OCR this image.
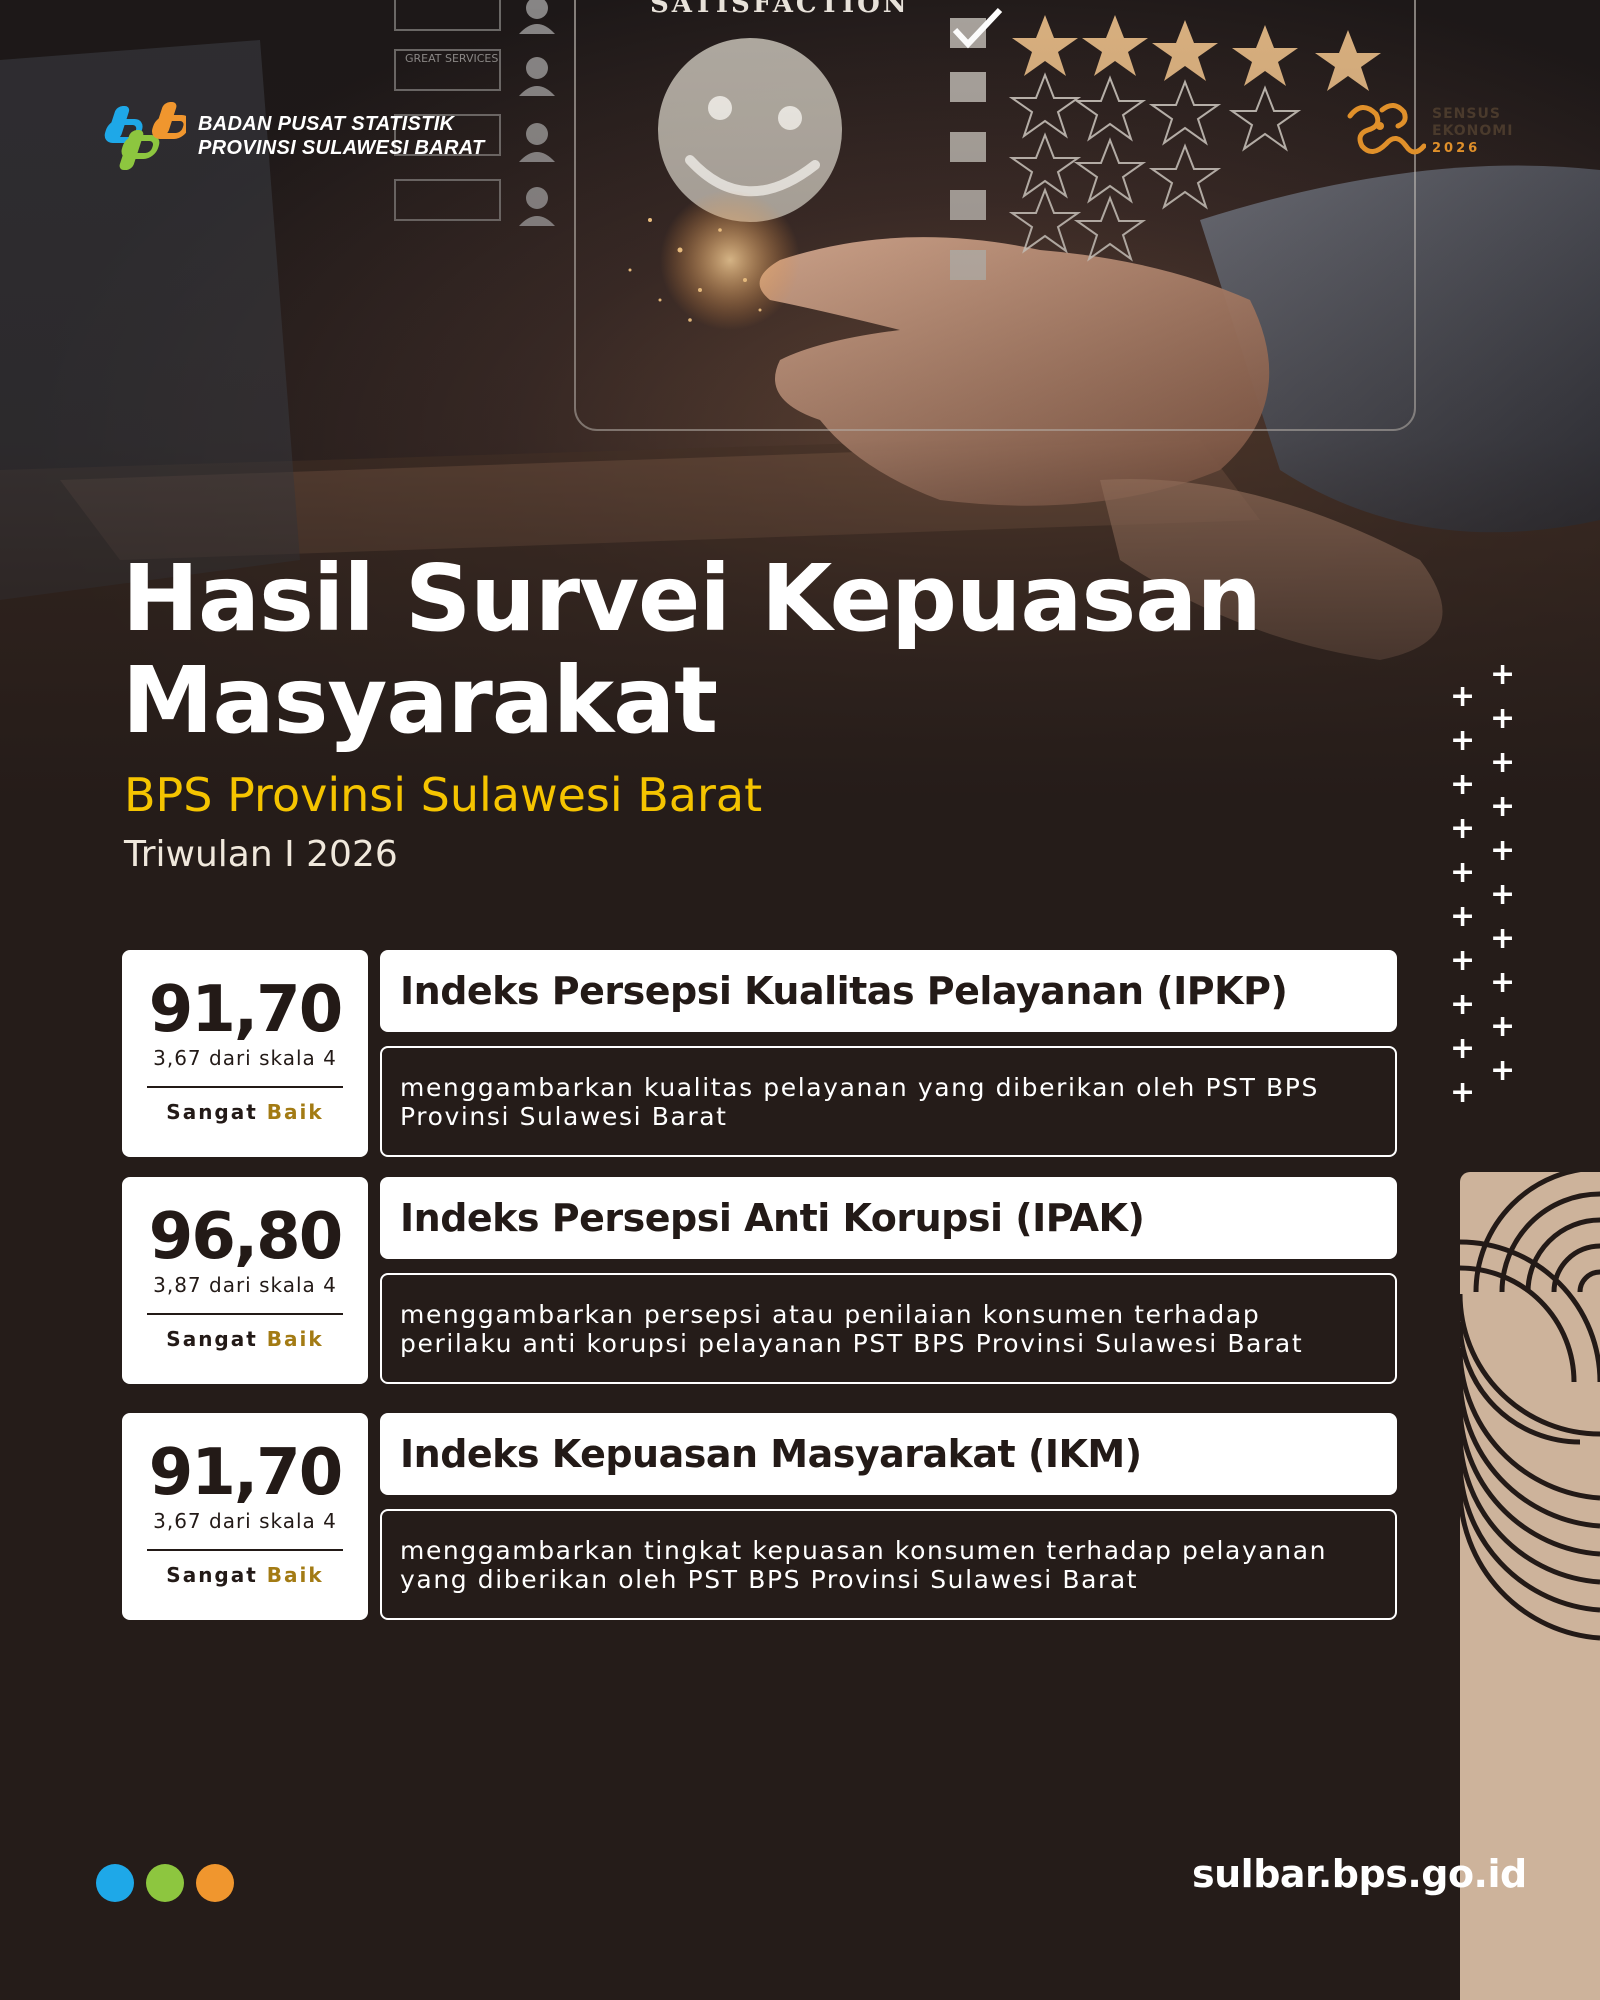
BADAN PUSAT STATISTIK
PROVINSI SULAWESI BARAT
SENSUS
EKONOMI
2026
Hasil Survei Kepuasan Masyarakat
BPS Provinsi Sulawesi Barat
Triwulan I 2026
+
+
+
+
+
+
+
+
+
+
+
+
+
+
+
+
+
+
+
+
91,70
3,67 dari skala 4
Sangat Baik
Indeks Persepsi Kualitas Pelayanan (IPKP)
menggambarkan kualitas pelayanan yang diberikan oleh PST BPS Provinsi Sulawesi Barat
96,80
3,87 dari skala 4
Sangat Baik
Indeks Persepsi Anti Korupsi (IPAK)
menggambarkan persepsi atau penilaian konsumen terhadap perilaku anti korupsi pelayanan PST BPS Provinsi Sulawesi Barat
91,70
3,67 dari skala 4
Sangat Baik
Indeks Kepuasan Masyarakat (IKM)
menggambarkan tingkat kepuasan konsumen terhadap pelayanan yang diberikan oleh PST BPS Provinsi Sulawesi Barat
sulbar.bps.go.id
